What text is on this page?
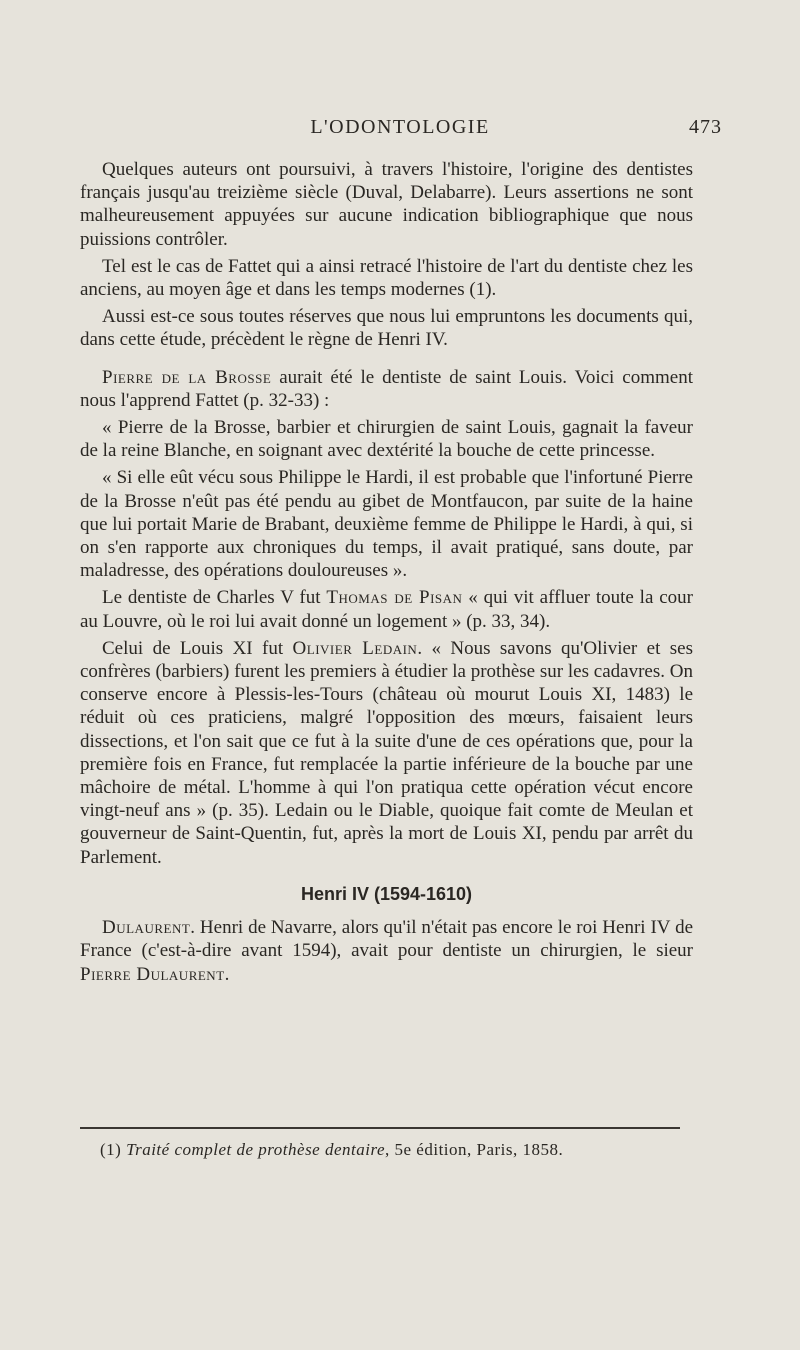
L'ODONTOLOGIE	473

Quelques auteurs ont poursuivi, à travers l'histoire, l'origine des dentistes français jusqu'au treizième siècle (Duval, Delabarre). Leurs assertions ne sont malheureusement appuyées sur aucune indication bibliographique que nous puissions contrôler.

Tel est le cas de Fattet qui a ainsi retracé l'histoire de l'art du dentiste chez les anciens, au moyen âge et dans les temps modernes (1).

Aussi est-ce sous toutes réserves que nous lui empruntons les documents qui, dans cette étude, précèdent le règne de Henri IV.

Pierre de la Brosse aurait été le dentiste de saint Louis. Voici comment nous l'apprend Fattet (p. 32-33) :

« Pierre de la Brosse, barbier et chirurgien de saint Louis, gagnait la faveur de la reine Blanche, en soignant avec dextérité la bouche de cette princesse.

« Si elle eût vécu sous Philippe le Hardi, il est probable que l'infortuné Pierre de la Brosse n'eût pas été pendu au gibet de Montfaucon, par suite de la haine que lui portait Marie de Brabant, deuxième femme de Philippe le Hardi, à qui, si on s'en rapporte aux chroniques du temps, il avait pratiqué, sans doute, par maladresse, des opérations douloureuses ».

Le dentiste de Charles V fut Thomas de Pisan « qui vit affluer toute la cour au Louvre, où le roi lui avait donné un logement » (p. 33, 34).

Celui de Louis XI fut Olivier Ledain. « Nous savons qu'Olivier et ses confrères (barbiers) furent les premiers à étudier la prothèse sur les cadavres. On conserve encore à Plessis-les-Tours (château où mourut Louis XI, 1483) le réduit où ces praticiens, malgré l'opposition des mœurs, faisaient leurs dissections, et l'on sait que ce fut à la suite d'une de ces opérations que, pour la première fois en France, fut remplacée la partie inférieure de la bouche par une mâchoire de métal. L'homme à qui l'on pratiqua cette opération vécut encore vingt-neuf ans » (p. 35). Ledain ou le Diable, quoique fait comte de Meulan et gouverneur de Saint-Quentin, fut, après la mort de Louis XI, pendu par arrêt du Parlement.

Henri IV (1594-1610)

Dulaurent. Henri de Navarre, alors qu'il n'était pas encore le roi Henri IV de France (c'est-à-dire avant 1594), avait pour dentiste un chirurgien, le sieur Pierre Dulaurent.

(1) Traité complet de prothèse dentaire, 5e édition, Paris, 1858.
